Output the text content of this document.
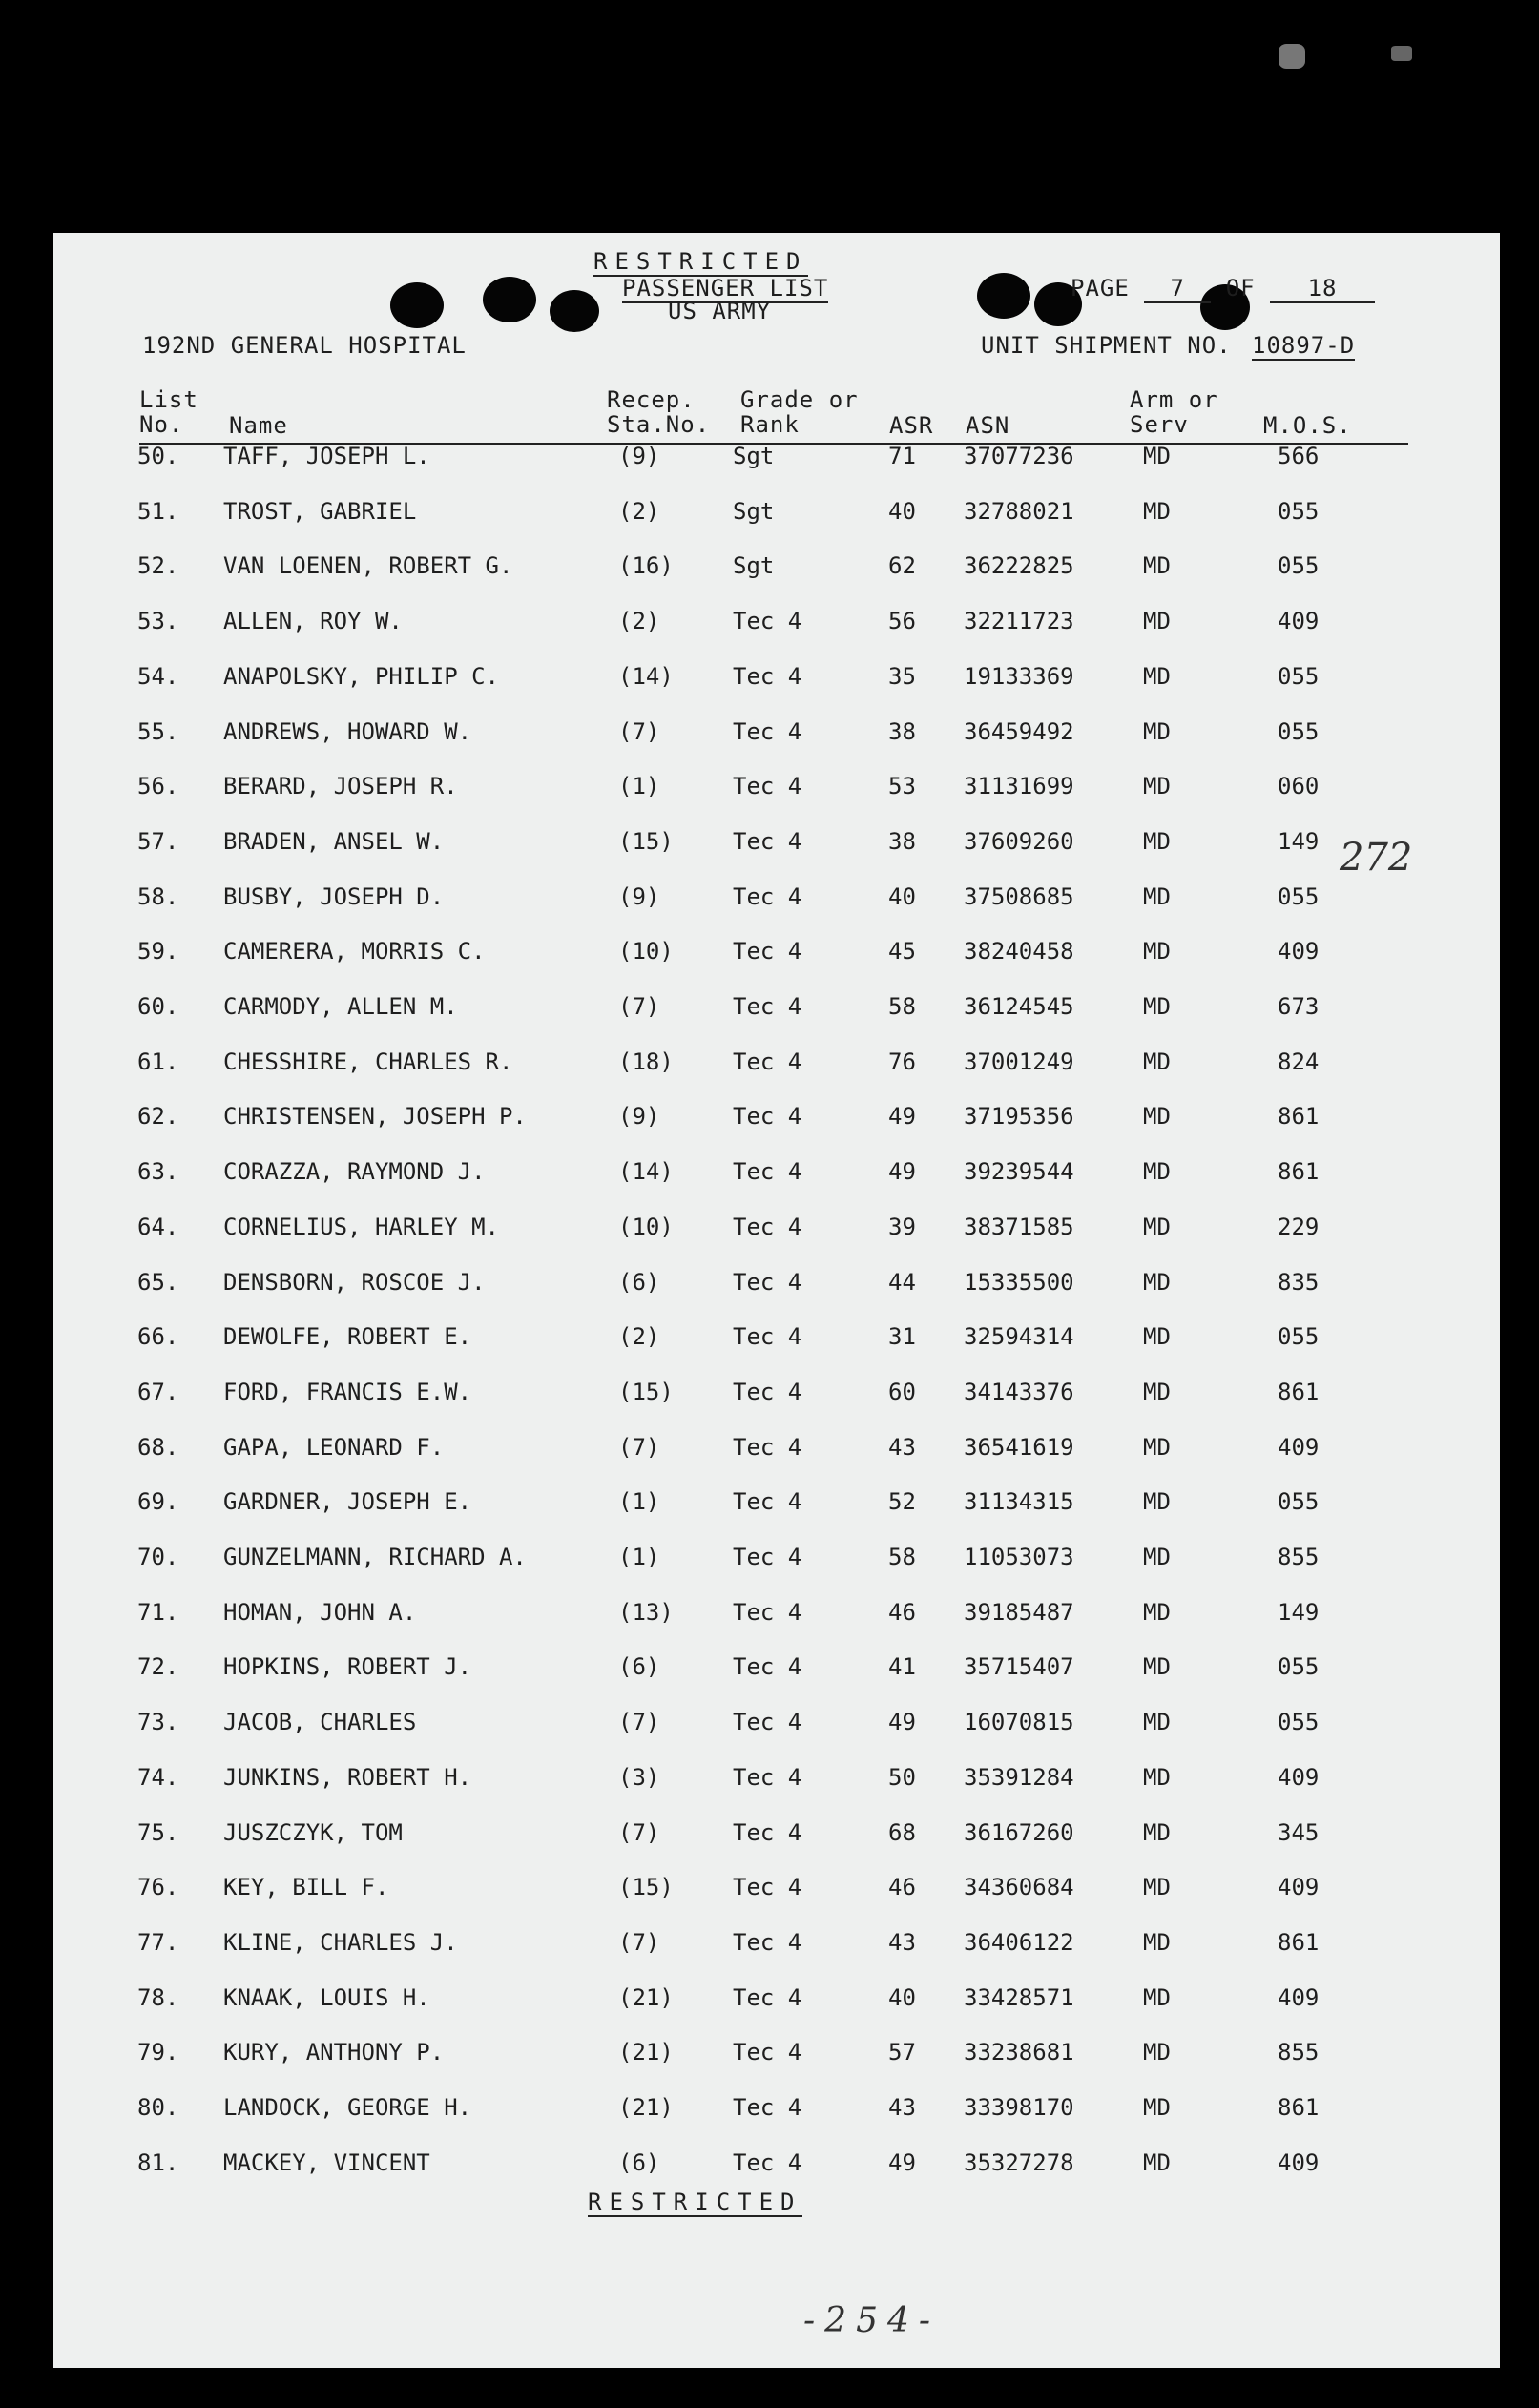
RESTRICTED
PASSENGER LIST
US ARMY
PAGE 7 OF 18
192ND GENERAL HOSPITAL	UNIT SHIPMENT NO. 10897-D
List
No.	Name
Recep.
Sta.No.
Grade or
Rank	ASR ASN
Arm or
Serv	M.O.S.
50. TAFF, JOSEPH L.	(9)	Sgt	71 37077236	MD	566
51. TROST, GABRIEL	(2)	Sgt	40 32788021	MD	055
52. VAN LOENEN, ROBERT G.	(16)	Sgt	62 36222825	MD	055
53. ALLEN, ROY W.	(2)	Tec 4	56 32211723	MD	409
54. ANAPOLSKY, PHILIP C.	(14)	Tec 4	35 19133369	MD	055
55. ANDREWS, HOWARD W.	(7)	Tec 4	38 36459492	MD	055
56. BERARD, JOSEPH R.	(1)	Tec 4	53 31131699	MD	060
57. BRADEN, ANSEL W.	(15)	Tec 4	38 37609260	MD	149
58. BUSBY, JOSEPH D.	(9)	Tec 4	40 37508685	MD	055
59. CAMERERA, MORRIS C.	(10)	Tec 4	45 38240458	MD	409
60. CARMODY, ALLEN M.	(7)	Tec 4	58 36124545	MD	673
61. CHESSHIRE, CHARLES R.	(18)	Tec 4	76 37001249	MD	824
62. CHRISTENSEN, JOSEPH P.	(9)	Tec 4	49 37195356	MD	861
63. CORAZZA, RAYMOND J.	(14)	Tec 4	49 39239544	MD	861
64. CORNELIUS, HARLEY M.	(10)	Tec 4	39 38371585	MD	229
65. DENSBORN, ROSCOE J.	(6)	Tec 4	44 15335500	MD	835
66. DEWOLFE, ROBERT E.	(2)	Tec 4	31 32594314	MD	055
67. FORD, FRANCIS E.W.	(15)	Tec 4	60 34143376	MD	861
68. GAPA, LEONARD F.	(7)	Tec 4	43 36541619	MD	409
69. GARDNER, JOSEPH E.	(1)	Tec 4	52 31134315	MD	055
70. GUNZELMANN, RICHARD A.	(1)	Tec 4	58 11053073	MD	855
71. HOMAN, JOHN A.	(13)	Tec 4	46 39185487	MD	149
72. HOPKINS, ROBERT J.	(6)	Tec 4	41 35715407	MD	055
73. JACOB, CHARLES	(7)	Tec 4	49 16070815	MD	055
74. JUNKINS, ROBERT H.	(3)	Tec 4	50 35391284	MD	409
75. JUSZCZYK, TOM	(7)	Tec 4	68 36167260	MD	345
76. KEY, BILL F.	(15)	Tec 4	46 34360684	MD	409
77. KLINE, CHARLES J.	(7)	Tec 4	43 36406122	MD	861
78. KNAAK, LOUIS H.	(21)	Tec 4	40 33428571	MD	409
79. KURY, ANTHONY P.	(21)	Tec 4	57 33238681	MD	855
80. LANDOCK, GEORGE H.	(21)	Tec 4	43 33398170	MD	861
81. MACKEY, VINCENT	(6)	Tec 4	49 35327278	MD	409
272
RESTRICTED
-254-
